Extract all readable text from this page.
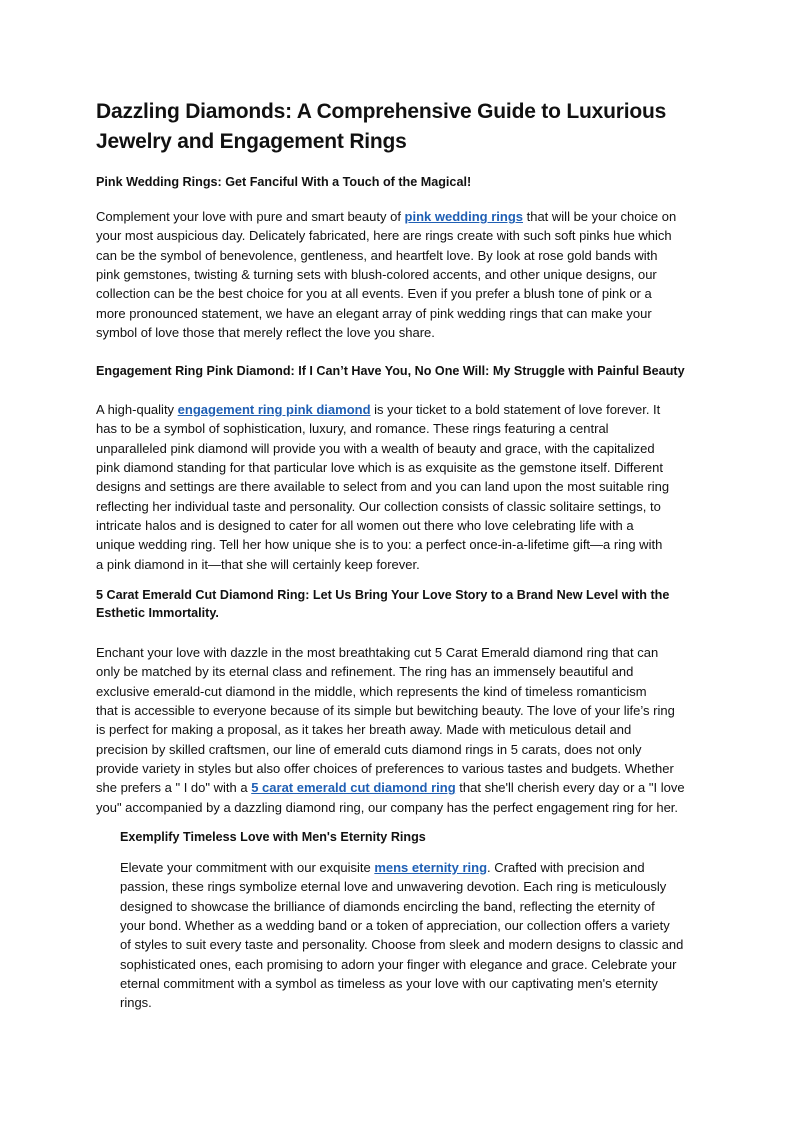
Dazzling Diamonds: A Comprehensive Guide to Luxurious
Jewelry and Engagement Rings
Pink Wedding Rings: Get Fanciful With a Touch of the Magical!
Complement your love with pure and smart beauty of pink wedding rings that will be your choice on
your most auspicious day. Delicately fabricated, here are rings create with such soft pinks hue which
can be the symbol of benevolence, gentleness, and heartfelt love. By look at rose gold bands with
pink gemstones, twisting & turning sets with blush-colored accents, and other unique designs, our
collection can be the best choice for you at all events. Even if you prefer a blush tone of pink or a
more pronounced statement, we have an elegant array of pink wedding rings that can make your
symbol of love those that merely reflect the love you share.
Engagement Ring Pink Diamond: If I Can’t Have You, No One Will: My Struggle with Painful Beauty
A high-quality engagement ring pink diamond is your ticket to a bold statement of love forever. It
has to be a symbol of sophistication, luxury, and romance. These rings featuring a central
unparalleled pink diamond will provide you with a wealth of beauty and grace, with the capitalized
pink diamond standing for that particular love which is as exquisite as the gemstone itself. Different
designs and settings are there available to select from and you can land upon the most suitable ring
reflecting her individual taste and personality. Our collection consists of classic solitaire settings, to
intricate halos and is designed to cater for all women out there who love celebrating life with a
unique wedding ring. Tell her how unique she is to you: a perfect once-in-a-lifetime gift—a ring with
a pink diamond in it—that she will certainly keep forever.
5 Carat Emerald Cut Diamond Ring: Let Us Bring Your Love Story to a Brand New Level with the
Esthetic Immortality.
Enchant your love with dazzle in the most breathtaking cut 5 Carat Emerald diamond ring that can
only be matched by its eternal class and refinement. The ring has an immensely beautiful and
exclusive emerald-cut diamond in the middle, which represents the kind of timeless romanticism
that is accessible to everyone because of its simple but bewitching beauty. The love of your life’s ring
is perfect for making a proposal, as it takes her breath away. Made with meticulous detail and
precision by skilled craftsmen, our line of emerald cuts diamond rings in 5 carats, does not only
provide variety in styles but also offer choices of preferences to various tastes and budgets. Whether
she prefers a " I do" with a 5 carat emerald cut diamond ring that she'll cherish every day or a "I love
you" accompanied by a dazzling diamond ring, our company has the perfect engagement ring for her.
Exemplify Timeless Love with Men's Eternity Rings
Elevate your commitment with our exquisite mens eternity ring. Crafted with precision and
passion, these rings symbolize eternal love and unwavering devotion. Each ring is meticulously
designed to showcase the brilliance of diamonds encircling the band, reflecting the eternity of
your bond. Whether as a wedding band or a token of appreciation, our collection offers a variety
of styles to suit every taste and personality. Choose from sleek and modern designs to classic and
sophisticated ones, each promising to adorn your finger with elegance and grace. Celebrate your
eternal commitment with a symbol as timeless as your love with our captivating men's eternity
rings.
